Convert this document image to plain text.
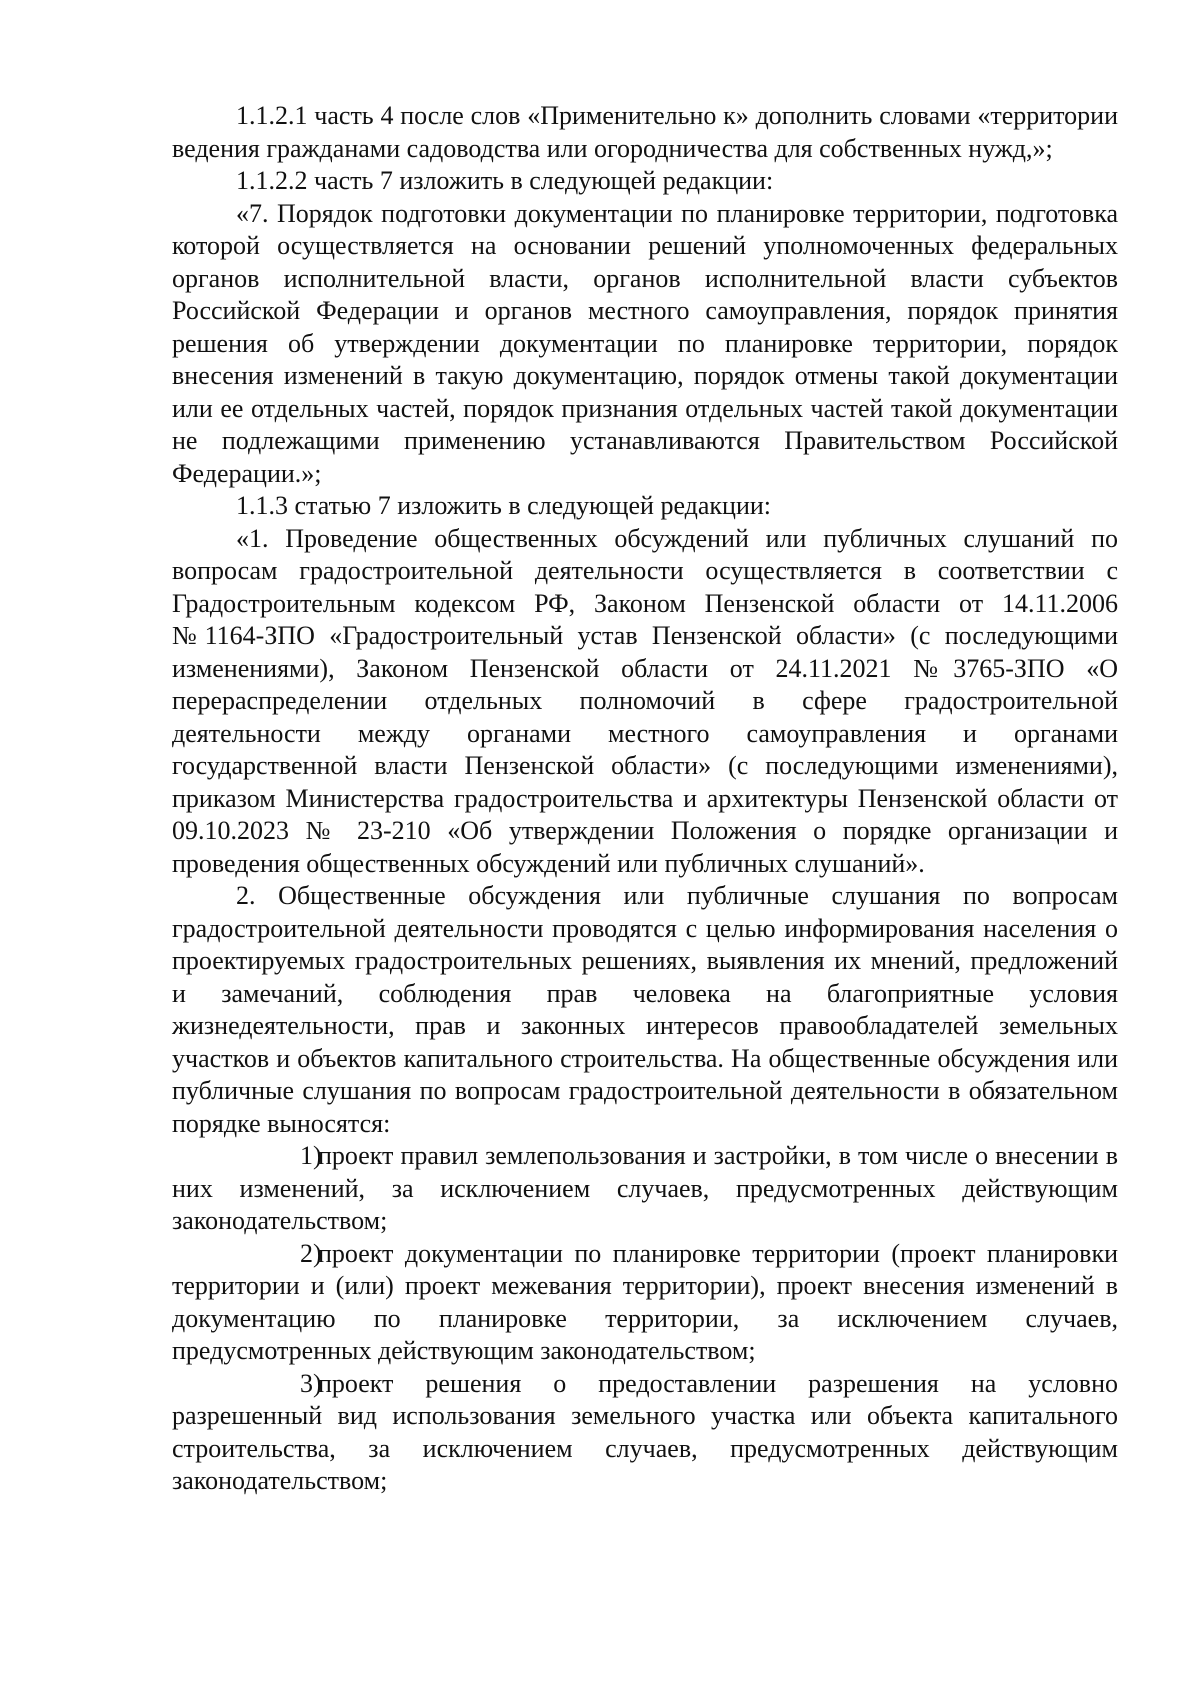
1.1.2.1 часть 4 после слов «Применительно к» дополнить словами «территории ведения гражданами садоводства или огородничества для собственных нужд,»;

1.1.2.2 часть 7 изложить в следующей редакции:

«7. Порядок подготовки документации по планировке территории, подготовка которой осуществляется на основании решений уполномоченных федеральных органов исполнительной власти, органов исполнительной власти субъектов Российской Федерации и органов местного самоуправления, порядок принятия решения об утверждении документации по планировке территории, порядок внесения изменений в такую документацию, порядок отмены такой документации или ее отдельных частей, порядок признания отдельных частей такой документации не подлежащими применению устанавливаются Правительством Российской Федерации.»;

1.1.3 статью 7 изложить в следующей редакции:

«1. Проведение общественных обсуждений или публичных слушаний по вопросам градостроительной деятельности осуществляется в соответствии с Градостроительным кодексом РФ, Законом Пензенской области от 14.11.2006 №1164-ЗПО «Градостроительный устав Пензенской области» (с последующими изменениями), Законом Пензенской области от 24.11.2021 №3765-ЗПО «О перераспределении отдельных полномочий в сфере градостроительной деятельности между органами местного самоуправления и органами государственной власти Пензенской области» (с последующими изменениями), приказом Министерства градостроительства и архитектуры Пензенской области от 09.10.2023 № 23-210 «Об утверждении Положения о порядке организации и проведения общественных обсуждений или публичных слушаний».

2. Общественные обсуждения или публичные слушания по вопросам градостроительной деятельности проводятся с целью информирования населения о проектируемых градостроительных решениях, выявления их мнений, предложений и замечаний, соблюдения прав человека на благоприятные условия жизнедеятельности, прав и законных интересов правообладателей земельных участков и объектов капитального строительства. На общественные обсуждения или публичные слушания по вопросам градостроительной деятельности в обязательном порядке выносятся:

1)проект правил землепользования и застройки, в том числе о внесении в них изменений, за исключением случаев, предусмотренных действующим законодательством;

2)проект документации по планировке территории (проект планировки территории и (или) проект межевания территории), проект внесения изменений в документацию по планировке территории, за исключением случаев, предусмотренных действующим законодательством;

3)проект решения о предоставлении разрешения на условно разрешенный вид использования земельного участка или объекта капитального строительства, за исключением случаев, предусмотренных действующим законодательством;
